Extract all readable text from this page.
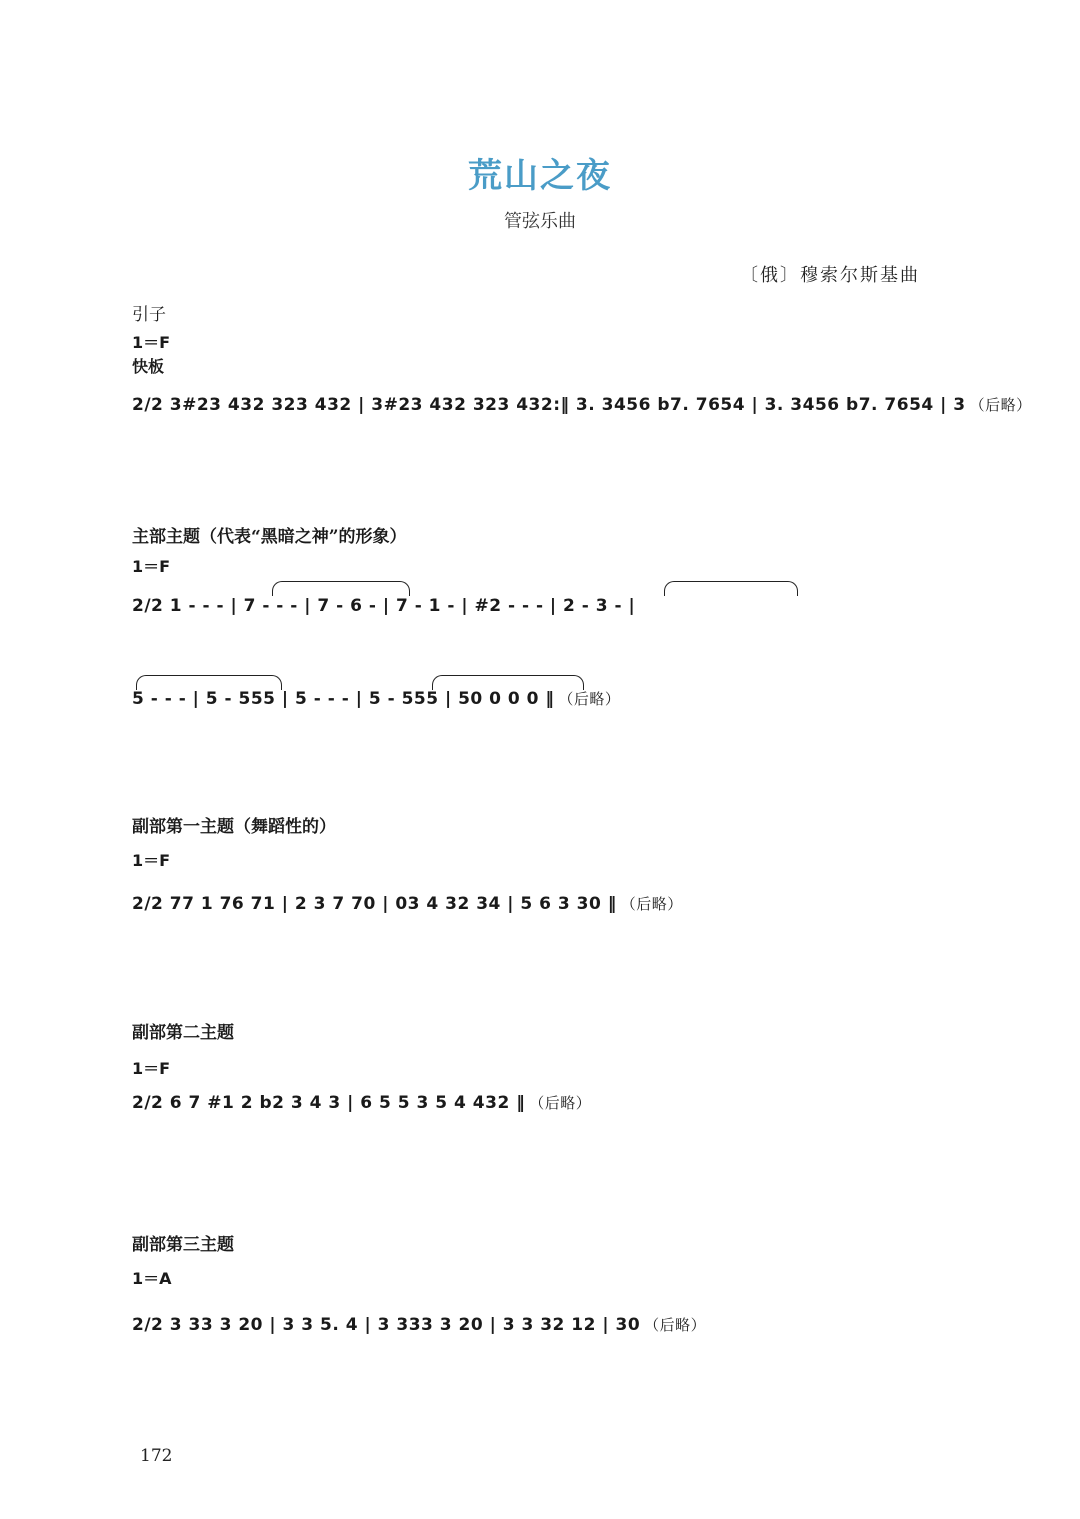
荒山之夜
管弦乐曲
〔俄〕穆索尔斯基曲
引子
1＝F
快板
2/2 3#23 432 323 432 | 3#23 432 323 432:‖ 3. 3456 b7. 7654 | 3. 3456 b7. 7654 | 3 （后略）
主部主题（代表“黑暗之神”的形象）
1＝F
2/2 1 - - - | 7 - - - | 7 - 6 - | 7 - 1 - | #2 - - - | 2 - 3 - |
5 - - - | 5 - 555 | 5 - - - | 5 - 555 | 50 0 0 0 ‖ （后略）
副部第一主题（舞蹈性的）
1＝F
2/2 77 1 76 71 | 2 3 7 70 | 03 4 32 34 | 5 6 3 30 ‖ （后略）
副部第二主题
1＝F
2/2 6 7 #1 2 b2 3 4 3 | 6 5 5 3 5 4 432 ‖ （后略）
副部第三主题
1＝A
2/2 3 33 3 20 | 3 3 5. 4 | 3 333 3 20 | 3 3 32 12 | 30 （后略）
172
